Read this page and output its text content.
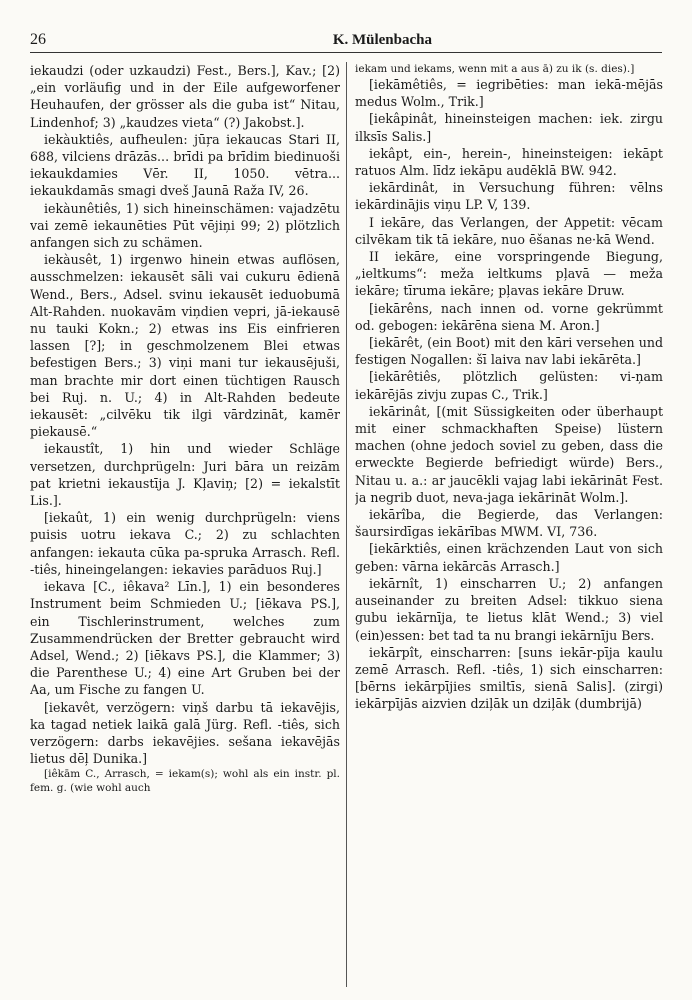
26	K. Mülenbacha

iekaudzi (oder uzkaudzi) Fest., Bers.], Kav.; [2) „ein vorläufig und in der Eile aufgeworfener Heuhaufen, der grösser als die guba ist“ Nitau, Lindenhof; 3) „kaudzes vieta“ (?) Jakobst.].

iekàuktiês, aufheulen: jūŗa iekaucas Stari II, 688, vilciens drāzās... brīdi pa brīdim biedinuoši iekaukdamies Vēr. II, 1050. vētra... iekaukdamās smagi dveš Jaunā Raža IV, 26.

iekàunêtiês, 1) sich hineinschämen: vajadzētu vai zemē iekaunēties Pūt vējiņi 99; 2) plötzlich anfangen sich zu schämen.

iekàusêt, 1) irgenwo hinein etwas auflösen, ausschmelzen: iekausēt sāli vai cukuru ēdienā Wend., Bers., Adsel. svinu iekausēt ieduobumā Alt-Rahden. nuokavām viņdien vepri, jā-iekausē nu tauki Kokn.; 2) etwas ins Eis einfrieren lassen [?]; in geschmolzenem Blei etwas befestigen Bers.; 3) viņi mani tur iekausējuši, man brachte mir dort einen tüchtigen Rausch bei Ruj. n. U.; 4) in Alt-Rahden bedeute iekausēt: „cilvēku tik ilgi vārdzināt, kamēr piekausē.“

iekaustît, 1) hin und wieder Schläge versetzen, durchprügeln: Juri bāra un reizām pat krietni iekaustīja J. Kļaviņ; [2) = iekalstīt Lis.].

[iekaût, 1) ein wenig durchprügeln: viens puisis uotru iekava C.; 2) zu schlachten anfangen: iekauta cūka pa-spruka Arrasch. Refl. -tiês, hineingelangen: iekavies parāduos Ruj.]

iekava [C., iêkava² Līn.], 1) ein besonderes Instrument beim Schmieden U.; [iēkava PS.], ein Tischlerinstrument, welches zum Zusammendrücken der Bretter gebraucht wird Adsel, Wend.; 2) [iēkavs PS.], die Klammer; 3) die Parenthese U.; 4) eine Art Gruben bei der Aa, um Fische zu fangen U.

[iekavêt, verzögern: viņš darbu tā iekavējis, ka tagad netiek laikā galā Jürg. Refl. -tiês, sich verzögern: darbs iekavējies. sešana iekavējās lietus dēļ Dunika.]

[iêkām C., Arrasch, = iekam(s); wohl als ein instr. pl. fem. g. (wie wohl auch

iekam und iekams, wenn mit a aus ā) zu ik (s. dies).]

[iekāmêtiês, = iegribēties: man iekā-mējās medus Wolm., Trik.]

[iekâpinât, hineinsteigen machen: iek. zirgu ilksīs Salis.]

iekâpt, ein-, herein-, hineinsteigen: iekāpt ratuos Alm. līdz iekāpu audēklā BW. 942.

iekārdinât, in Versuchung führen: vēlns iekārdinājis viņu LP. V, 139.

I iekāre, das Verlangen, der Appetit: vēcam cilvēkam tik tā iekāre, nuo ēšanas ne·kā Wend.

II iekāre, eine vorspringende Biegung, „ieltkums“: meža ieltkums pļavā — meža iekāre; tīruma iekāre; pļavas iekāre Druw.

[iekārêns, nach innen od. vorne gekrümmt od. gebogen: iekārēna siena M. Aron.]

[iekārêt, (ein Boot) mit den kāri versehen und festigen Nogallen: šī laiva nav labi iekārēta.]

[iekārêtiês, plötzlich gelüsten: vi-ņam iekārējās zivju zupas C., Trik.]

iekārinât, [(mit Süssigkeiten oder überhaupt mit einer schmackhaften Speise) lüstern machen (ohne jedoch soviel zu geben, dass die erweckte Begierde befriedigt würde) Bers., Nitau u. a.: ar jaucēkli vajag labi iekārināt Fest. ja negrib duot, neva-jaga iekārināt Wolm.].

iekārîba, die Begierde, das Verlangen: šaursirdīgas iekārības MWM. VI, 736.

[iekārktiês, einen krächzenden Laut von sich geben: vārna iekārcās Arrasch.]

iekārnît, 1) einscharren U.; 2) anfangen auseinander zu breiten Adsel: tikkuo siena gubu iekārnīja, te lietus klāt Wend.; 3) viel (ein)essen: bet tad ta nu brangi iekārnīju Bers.

iekārpît, einscharren: [suns iekār-pīja kaulu zemē Arrasch. Refl. -tiês, 1) sich einscharren: [bērns iekārpījies smiltīs, sienā Salis]. (zirgi) iekārpījās aizvien dziļāk un dziļāk (dumbrijā)
